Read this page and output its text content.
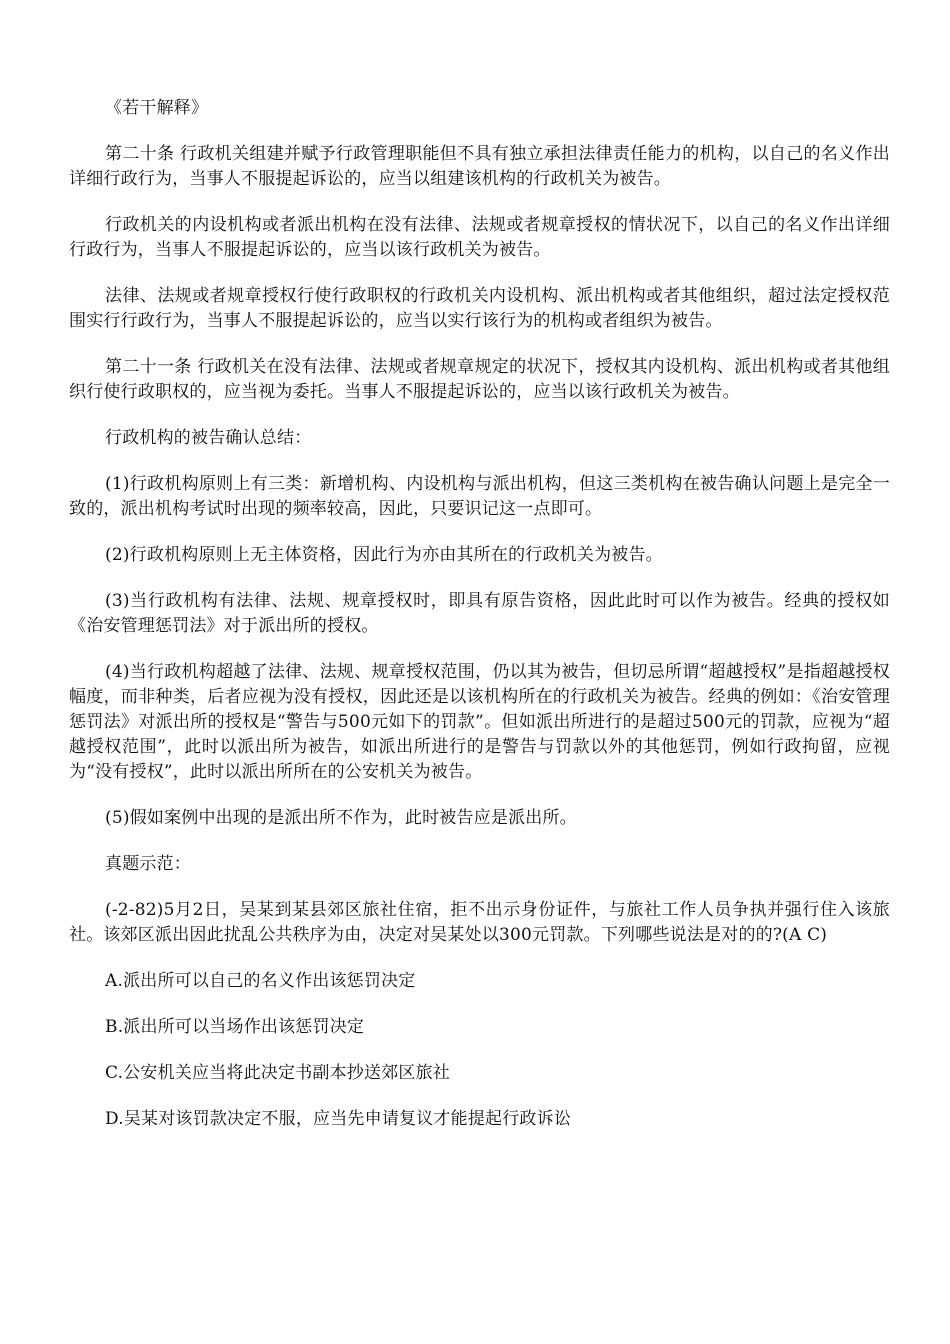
《若干解释》

第二十条 行政机关组建并赋予行政管理职能但不具有独立承担法律责任能力的机构，以自己的名义作出详细行政行为，当事人不服提起诉讼的，应当以组建该机构的行政机关为被告。

行政机关的内设机构或者派出机构在没有法律、法规或者规章授权的情状况下，以自己的名义作出详细行政行为，当事人不服提起诉讼的，应当以该行政机关为被告。

法律、法规或者规章授权行使行政职权的行政机关内设机构、派出机构或者其他组织，超过法定授权范围实行行政行为，当事人不服提起诉讼的，应当以实行该行为的机构或者组织为被告。

第二十一条 行政机关在没有法律、法规或者规章规定的状况下，授权其内设机构、派出机构或者其他组织行使行政职权的，应当视为委托。当事人不服提起诉讼的，应当以该行政机关为被告。

行政机构的被告确认总结：

(1)行政机构原则上有三类：新增机构、内设机构与派出机构，但这三类机构在被告确认问题上是完全一致的，派出机构考试时出现的频率较高，因此，只要识记这一点即可。

(2)行政机构原则上无主体资格，因此行为亦由其所在的行政机关为被告。

(3)当行政机构有法律、法规、规章授权时，即具有原告资格，因此此时可以作为被告。经典的授权如《治安管理惩罚法》对于派出所的授权。

(4)当行政机构超越了法律、法规、规章授权范围，仍以其为被告，但切忌所谓“超越授权”是指超越授权幅度，而非种类，后者应视为没有授权，因此还是以该机构所在的行政机关为被告。经典的例如：《治安管理惩罚法》对派出所的授权是“警告与500元如下的罚款”。但如派出所进行的是超过500元的罚款，应视为“超越授权范围”，此时以派出所为被告，如派出所进行的是警告与罚款以外的其他惩罚，例如行政拘留，应视为“没有授权”，此时以派出所所在的公安机关为被告。

(5)假如案例中出现的是派出所不作为，此时被告应是派出所。

真题示范：

(-2-82)5月2日，吴某到某县郊区旅社住宿，拒不出示身份证件，与旅社工作人员争执并强行住入该旅社。该郊区派出因此扰乱公共秩序为由，决定对吴某处以300元罚款。下列哪些说法是对的的?(A C)

A.派出所可以自己的名义作出该惩罚决定

B.派出所可以当场作出该惩罚决定

C.公安机关应当将此决定书副本抄送郊区旅社

D.吴某对该罚款决定不服，应当先申请复议才能提起行政诉讼
